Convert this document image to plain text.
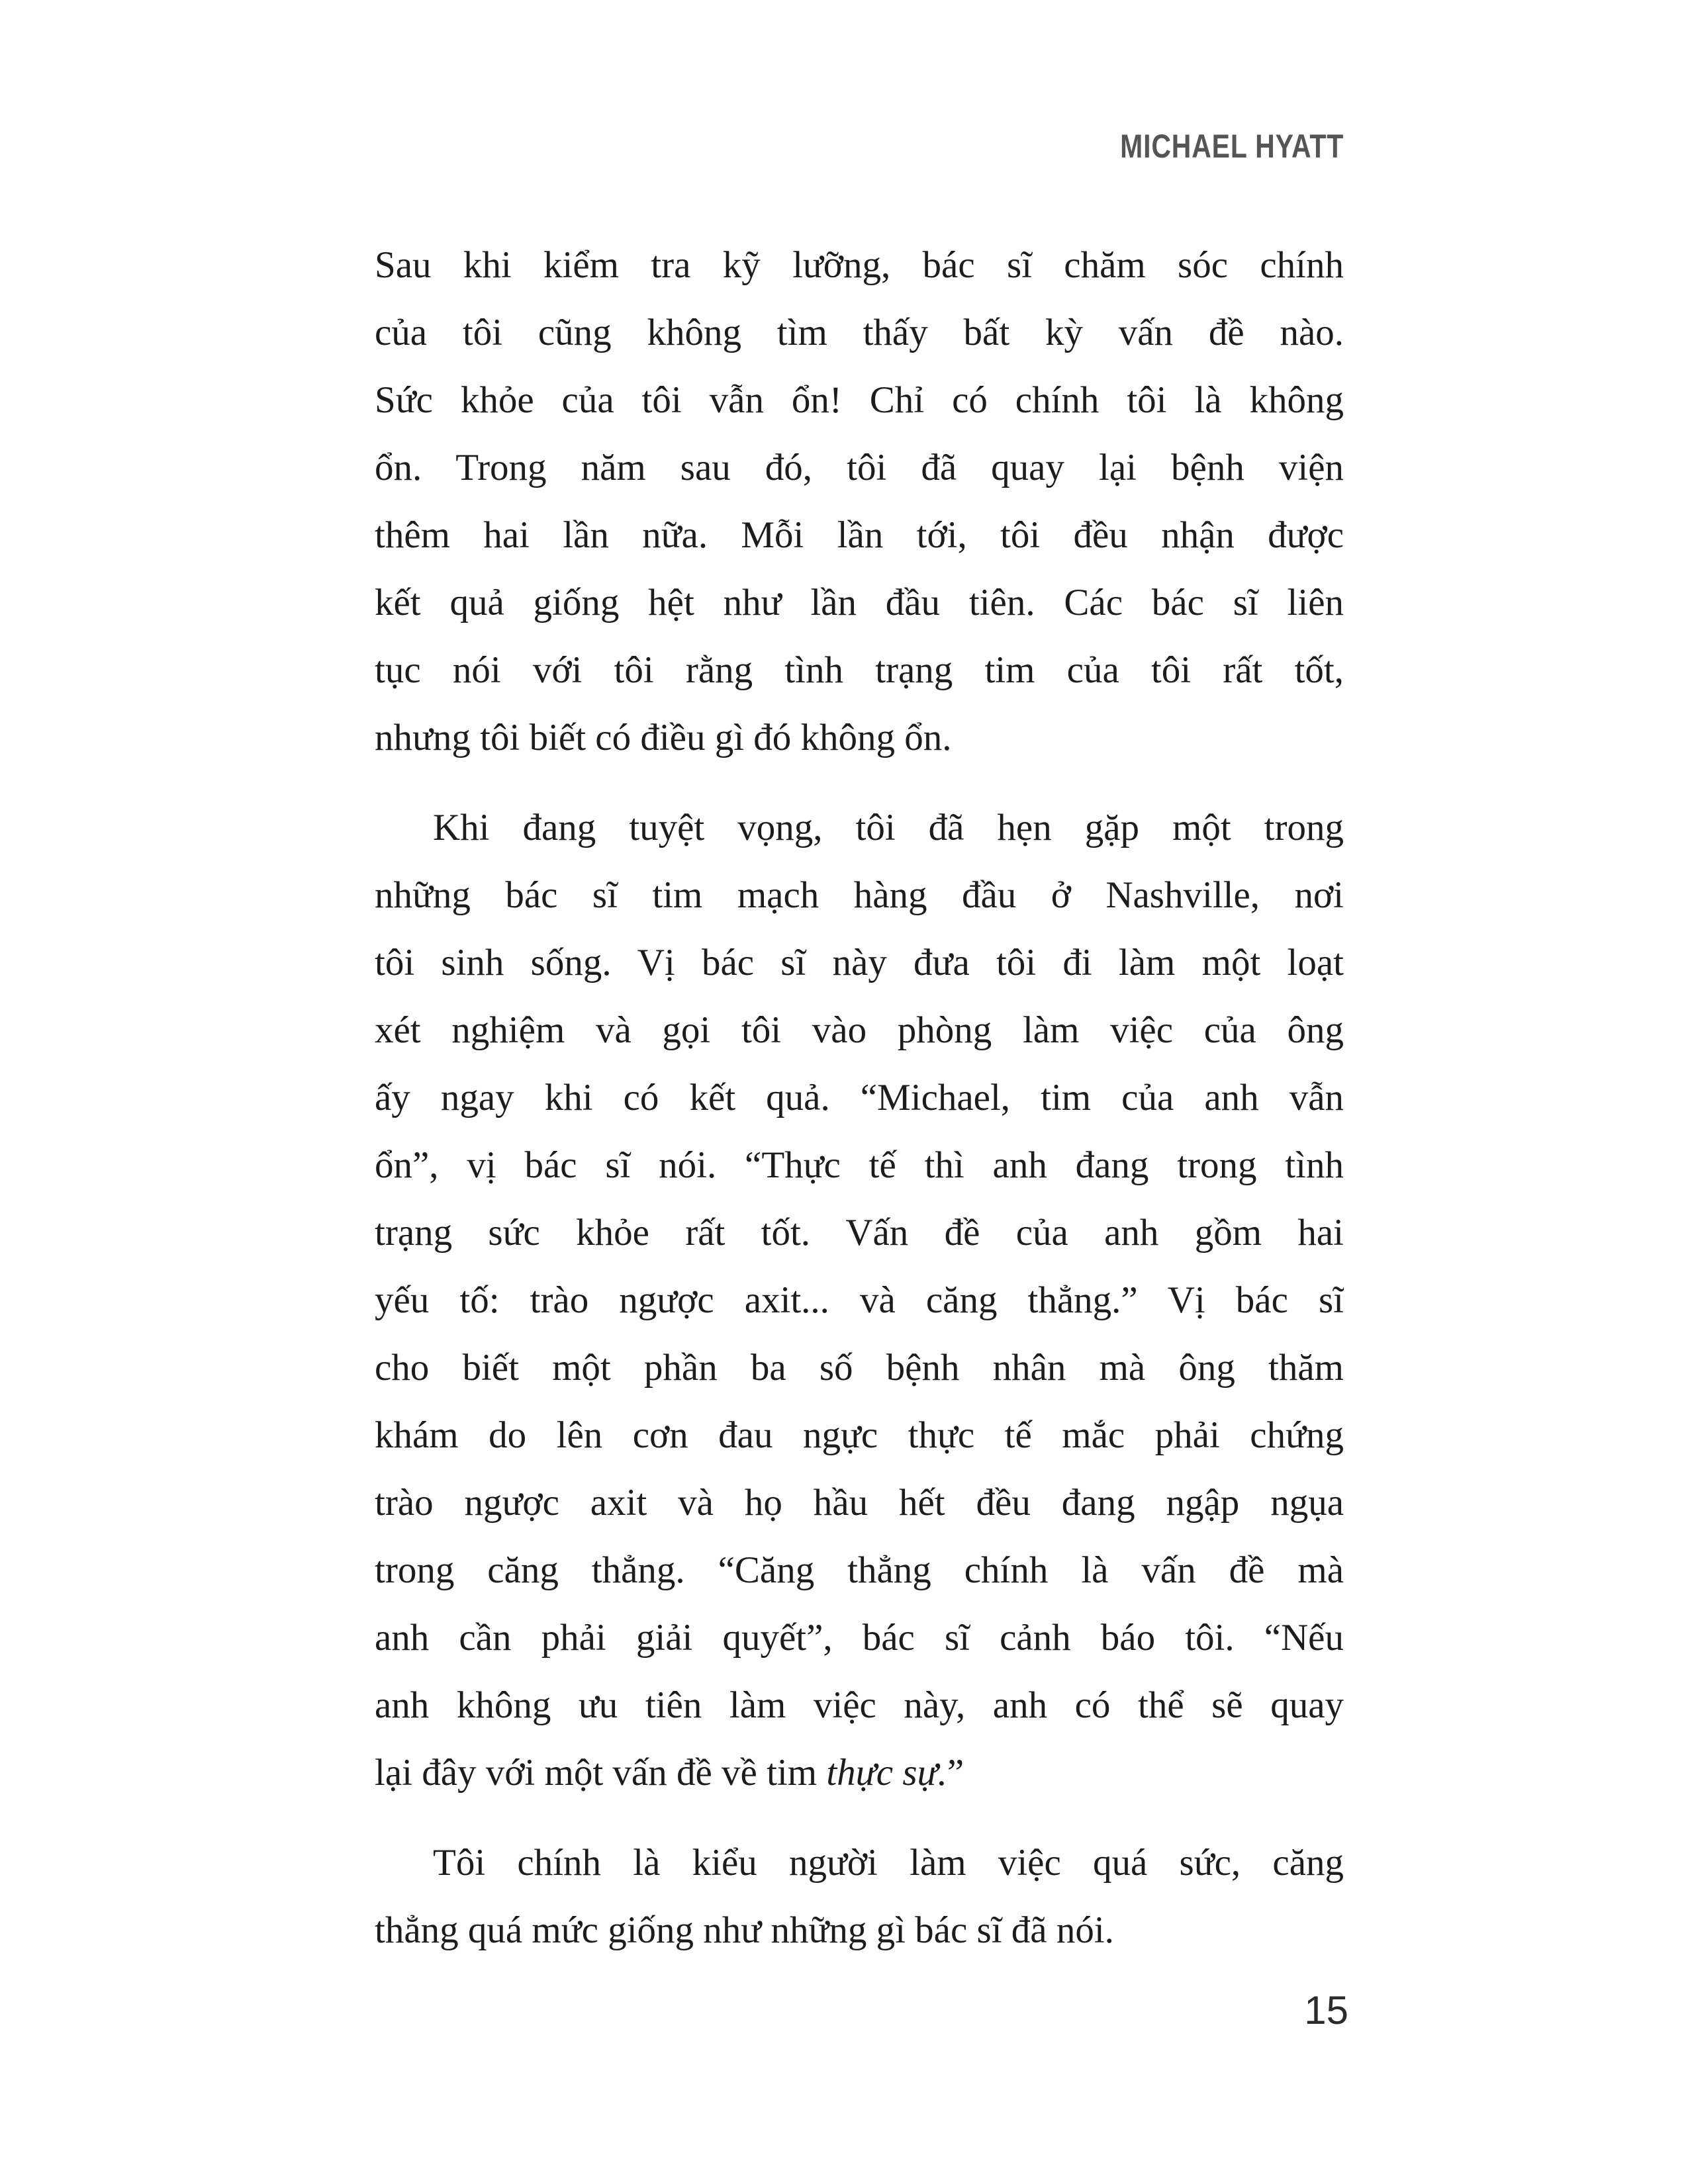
MICHAEL HYATT
Sau khi kiểm tra kỹ lưỡng, bác sĩ chăm sóc chính
của tôi cũng không tìm thấy bất kỳ vấn đề nào.
Sức khỏe của tôi vẫn ổn! Chỉ có chính tôi là không
ổn. Trong năm sau đó, tôi đã quay lại bệnh viện
thêm hai lần nữa. Mỗi lần tới, tôi đều nhận được
kết quả giống hệt như lần đầu tiên. Các bác sĩ liên
tục nói với tôi rằng tình trạng tim của tôi rất tốt,
nhưng tôi biết có điều gì đó không ổn.
Khi đang tuyệt vọng, tôi đã hẹn gặp một trong
những bác sĩ tim mạch hàng đầu ở Nashville, nơi
tôi sinh sống. Vị bác sĩ này đưa tôi đi làm một loạt
xét nghiệm và gọi tôi vào phòng làm việc của ông
ấy ngay khi có kết quả. “Michael, tim của anh vẫn
ổn”, vị bác sĩ nói. “Thực tế thì anh đang trong tình
trạng sức khỏe rất tốt. Vấn đề của anh gồm hai
yếu tố: trào ngược axit... và căng thẳng.” Vị bác sĩ
cho biết một phần ba số bệnh nhân mà ông thăm
khám do lên cơn đau ngực thực tế mắc phải chứng
trào ngược axit và họ hầu hết đều đang ngập ngụa
trong căng thẳng. “Căng thẳng chính là vấn đề mà
anh cần phải giải quyết”, bác sĩ cảnh báo tôi. “Nếu
anh không ưu tiên làm việc này, anh có thể sẽ quay
lại đây với một vấn đề về tim thực sự.”
Tôi chính là kiểu người làm việc quá sức, căng
thẳng quá mức giống như những gì bác sĩ đã nói.
15
